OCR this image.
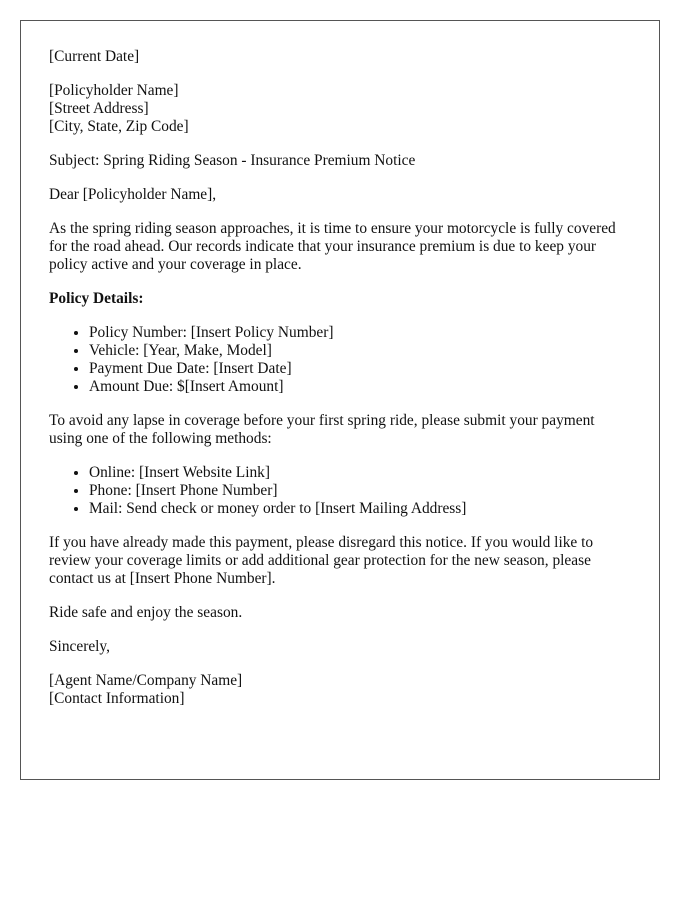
[Current Date]

[Policyholder Name]
[Street Address]
[City, State, Zip Code]

Subject: Spring Riding Season - Insurance Premium Notice

Dear [Policyholder Name],

As the spring riding season approaches, it is time to ensure your motorcycle is fully covered for the road ahead. Our records indicate that your insurance premium is due to keep your policy active and your coverage in place.

Policy Details:

• Policy Number: [Insert Policy Number]
• Vehicle: [Year, Make, Model]
• Payment Due Date: [Insert Date]
• Amount Due: $[Insert Amount]

To avoid any lapse in coverage before your first spring ride, please submit your payment using one of the following methods:

• Online: [Insert Website Link]
• Phone: [Insert Phone Number]
• Mail: Send check or money order to [Insert Mailing Address]

If you have already made this payment, please disregard this notice. If you would like to review your coverage limits or add additional gear protection for the new season, please contact us at [Insert Phone Number].

Ride safe and enjoy the season.

Sincerely,

[Agent Name/Company Name]
[Contact Information]
